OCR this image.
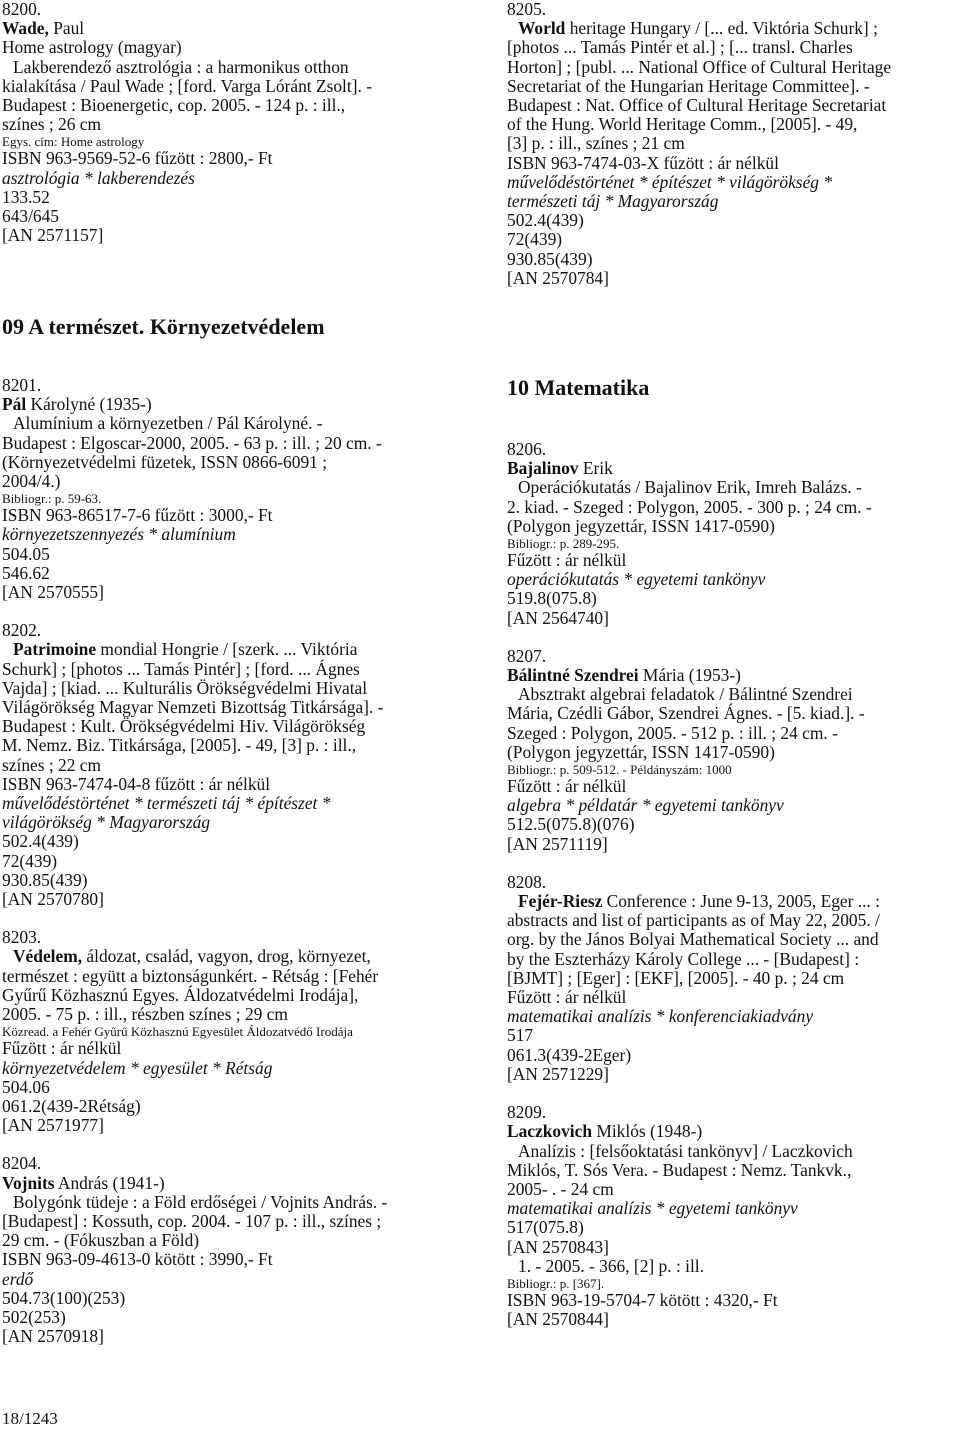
8200.
Wade, Paul
Home astrology (magyar)
Lakberendező asztrológia : a harmonikus otthon
kialakítása / Paul Wade ; [ford. Varga Lóránt Zsolt]. -
Budapest : Bioenergetic, cop. 2005. - 124 p. : ill.,
színes ; 26 cm
Egys. cím: Home astrology
ISBN 963-9569-52-6 fűzött : 2800,- Ft
asztrológia * lakberendezés
133.52
643/645
[AN 2571157]
8205.
World heritage Hungary / [... ed. Viktória Schurk] ;
[photos ... Tamás Pintér et al.] ; [... transl. Charles
Horton] ; [publ. ... National Office of Cultural Heritage
Secretariat of the Hungarian Heritage Committee]. -
Budapest : Nat. Office of Cultural Heritage Secretariat
of the Hung. World Heritage Comm., [2005]. - 49,
[3] p. : ill., színes ; 21 cm
ISBN 963-7474-03-X fűzött : ár nélkül
művelődéstörténet * építészet * világörökség *
természeti táj * Magyarország
502.4(439)
72(439)
930.85(439)
[AN 2570784]
09 A természet. Környezetvédelem
8201.
Pál Károlyné (1935-)
Alumínium a környezetben / Pál Károlyné. -
Budapest : Elgoscar-2000, 2005. - 63 p. : ill. ; 20 cm. -
(Környezetvédelmi füzetek, ISSN 0866-6091 ;
2004/4.)
Bibliogr.: p. 59-63.
ISBN 963-86517-7-6 fűzött : 3000,- Ft
környezetszennyezés * alumínium
504.05
546.62
[AN 2570555]
8202.
Patrimoine mondial Hongrie / [szerk. ... Viktória
Schurk] ; [photos ... Tamás Pintér] ; [ford. ... Ágnes
Vajda] ; [kiad. ... Kulturális Örökségvédelmi Hivatal
Világörökség Magyar Nemzeti Bizottság Titkársága]. -
Budapest : Kult. Örökségvédelmi Hiv. Világörökség
M. Nemz. Biz. Titkársága, [2005]. - 49, [3] p. : ill.,
színes ; 22 cm
ISBN 963-7474-04-8 fűzött : ár nélkül
művelődéstörténet * természeti táj * építészet *
világörökség * Magyarország
502.4(439)
72(439)
930.85(439)
[AN 2570780]
8203.
Védelem, áldozat, család, vagyon, drog, környezet,
természet : együtt a biztonságunkért. - Rétság : [Fehér
Gyűrű Közhasznú Egyes. Áldozatvédelmi Irodája],
2005. - 75 p. : ill., részben színes ; 29 cm
Közread. a Fehér Gyűrű Közhasznú Egyesület Áldozatvédő Irodája
Fűzött : ár nélkül
környezetvédelem * egyesület * Rétság
504.06
061.2(439-2Rétság)
[AN 2571977]
8204.
Vojnits András (1941-)
Bolygónk tüdeje : a Föld erdőségei / Vojnits András. -
[Budapest] : Kossuth, cop. 2004. - 107 p. : ill., színes ;
29 cm. - (Fókuszban a Föld)
ISBN 963-09-4613-0 kötött : 3990,- Ft
erdő
504.73(100)(253)
502(253)
[AN 2570918]
10 Matematika
8206.
Bajalinov Erik
Operációkutatás / Bajalinov Erik, Imreh Balázs. -
2. kiad. - Szeged : Polygon, 2005. - 300 p. ; 24 cm. -
(Polygon jegyzettár, ISSN 1417-0590)
Bibliogr.: p. 289-295.
Fűzött : ár nélkül
operációkutatás * egyetemi tankönyv
519.8(075.8)
[AN 2564740]
8207.
Bálintné Szendrei Mária (1953-)
Absztrakt algebrai feladatok / Bálintné Szendrei
Mária, Czédli Gábor, Szendrei Ágnes. - [5. kiad.]. -
Szeged : Polygon, 2005. - 512 p. : ill. ; 24 cm. -
(Polygon jegyzettár, ISSN 1417-0590)
Bibliogr.: p. 509-512. - Példányszám: 1000
Fűzött : ár nélkül
algebra * példatár * egyetemi tankönyv
512.5(075.8)(076)
[AN 2571119]
8208.
Fejér-Riesz Conference : June 9-13, 2005, Eger ... :
abstracts and list of participants as of May 22, 2005. /
org. by the János Bolyai Mathematical Society ... and
by the Eszterházy Károly College ... - [Budapest] :
[BJMT] ; [Eger] : [EKF], [2005]. - 40 p. ; 24 cm
Fűzött : ár nélkül
matematikai analízis * konferenciakiadvány
517
061.3(439-2Eger)
[AN 2571229]
8209.
Laczkovich Miklós (1948-)
Analízis : [felsőoktatási tankönyv] / Laczkovich
Miklós, T. Sós Vera. - Budapest : Nemz. Tankvk.,
2005- . - 24 cm
matematikai analízis * egyetemi tankönyv
517(075.8)
[AN 2570843]
1. - 2005. - 366, [2] p. : ill.
Bibliogr.: p. [367].
ISBN 963-19-5704-7 kötött : 4320,- Ft
[AN 2570844]
18/1243
